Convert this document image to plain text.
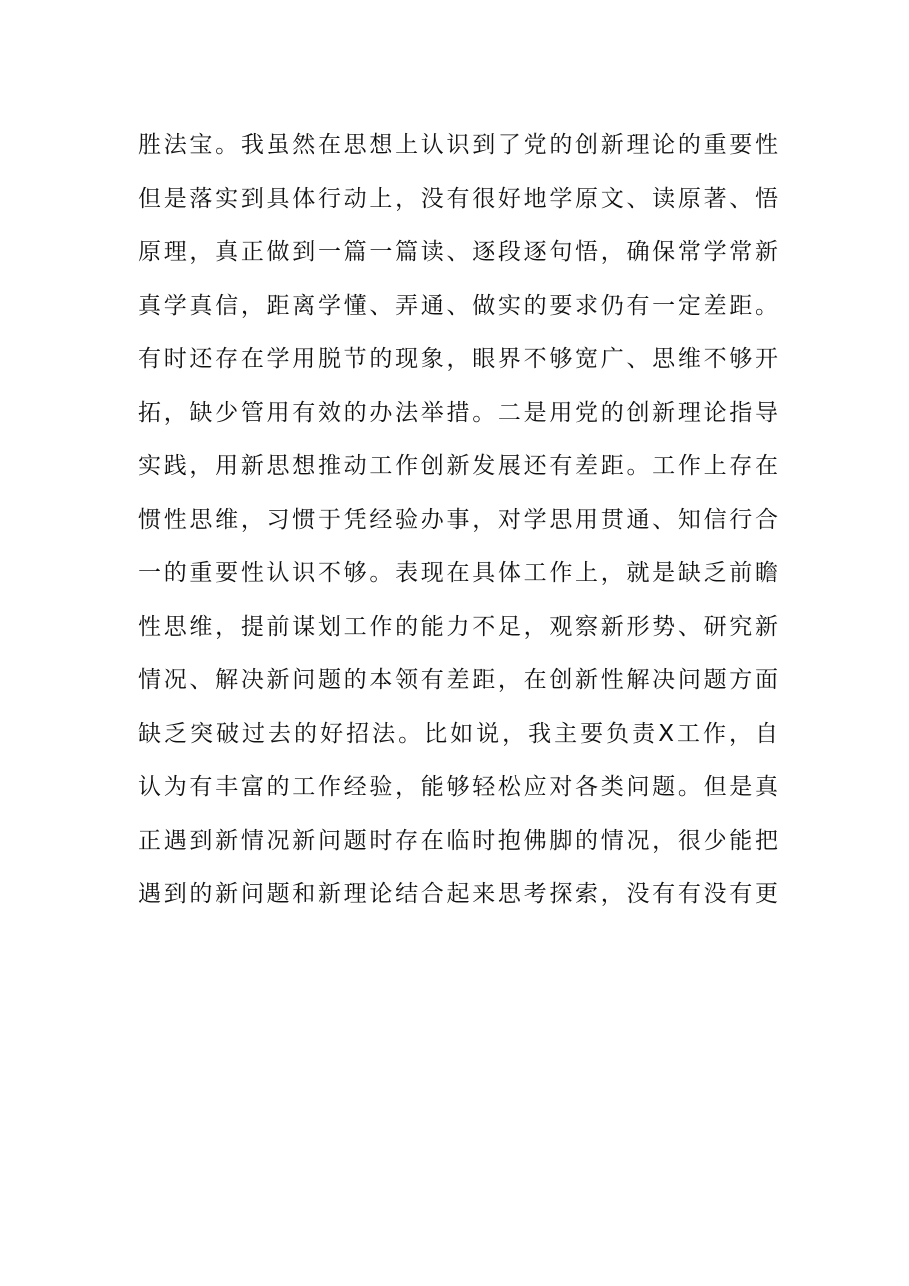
胜法宝。我虽然在思想上认识到了党的创新理论的重要性
但是落实到具体行动上，没有很好地学原文、读原著、悟
原理，真正做到一篇一篇读、逐段逐句悟，确保常学常新
真学真信，距离学懂、弄通、做实的要求仍有一定差距。
有时还存在学用脱节的现象，眼界不够宽广、思维不够开
拓，缺少管用有效的办法举措。二是用党的创新理论指导
实践，用新思想推动工作创新发展还有差距。工作上存在
惯性思维，习惯于凭经验办事，对学思用贯通、知信行合
一的重要性认识不够。表现在具体工作上，就是缺乏前瞻
性思维，提前谋划工作的能力不足，观察新形势、研究新
情况、解决新问题的本领有差距，在创新性解决问题方面
缺乏突破过去的好招法。比如说，我主要负责X工作，自
认为有丰富的工作经验，能够轻松应对各类问题。但是真
正遇到新情况新问题时存在临时抱佛脚的情况，很少能把
遇到的新问题和新理论结合起来思考探索，没有有没有更
